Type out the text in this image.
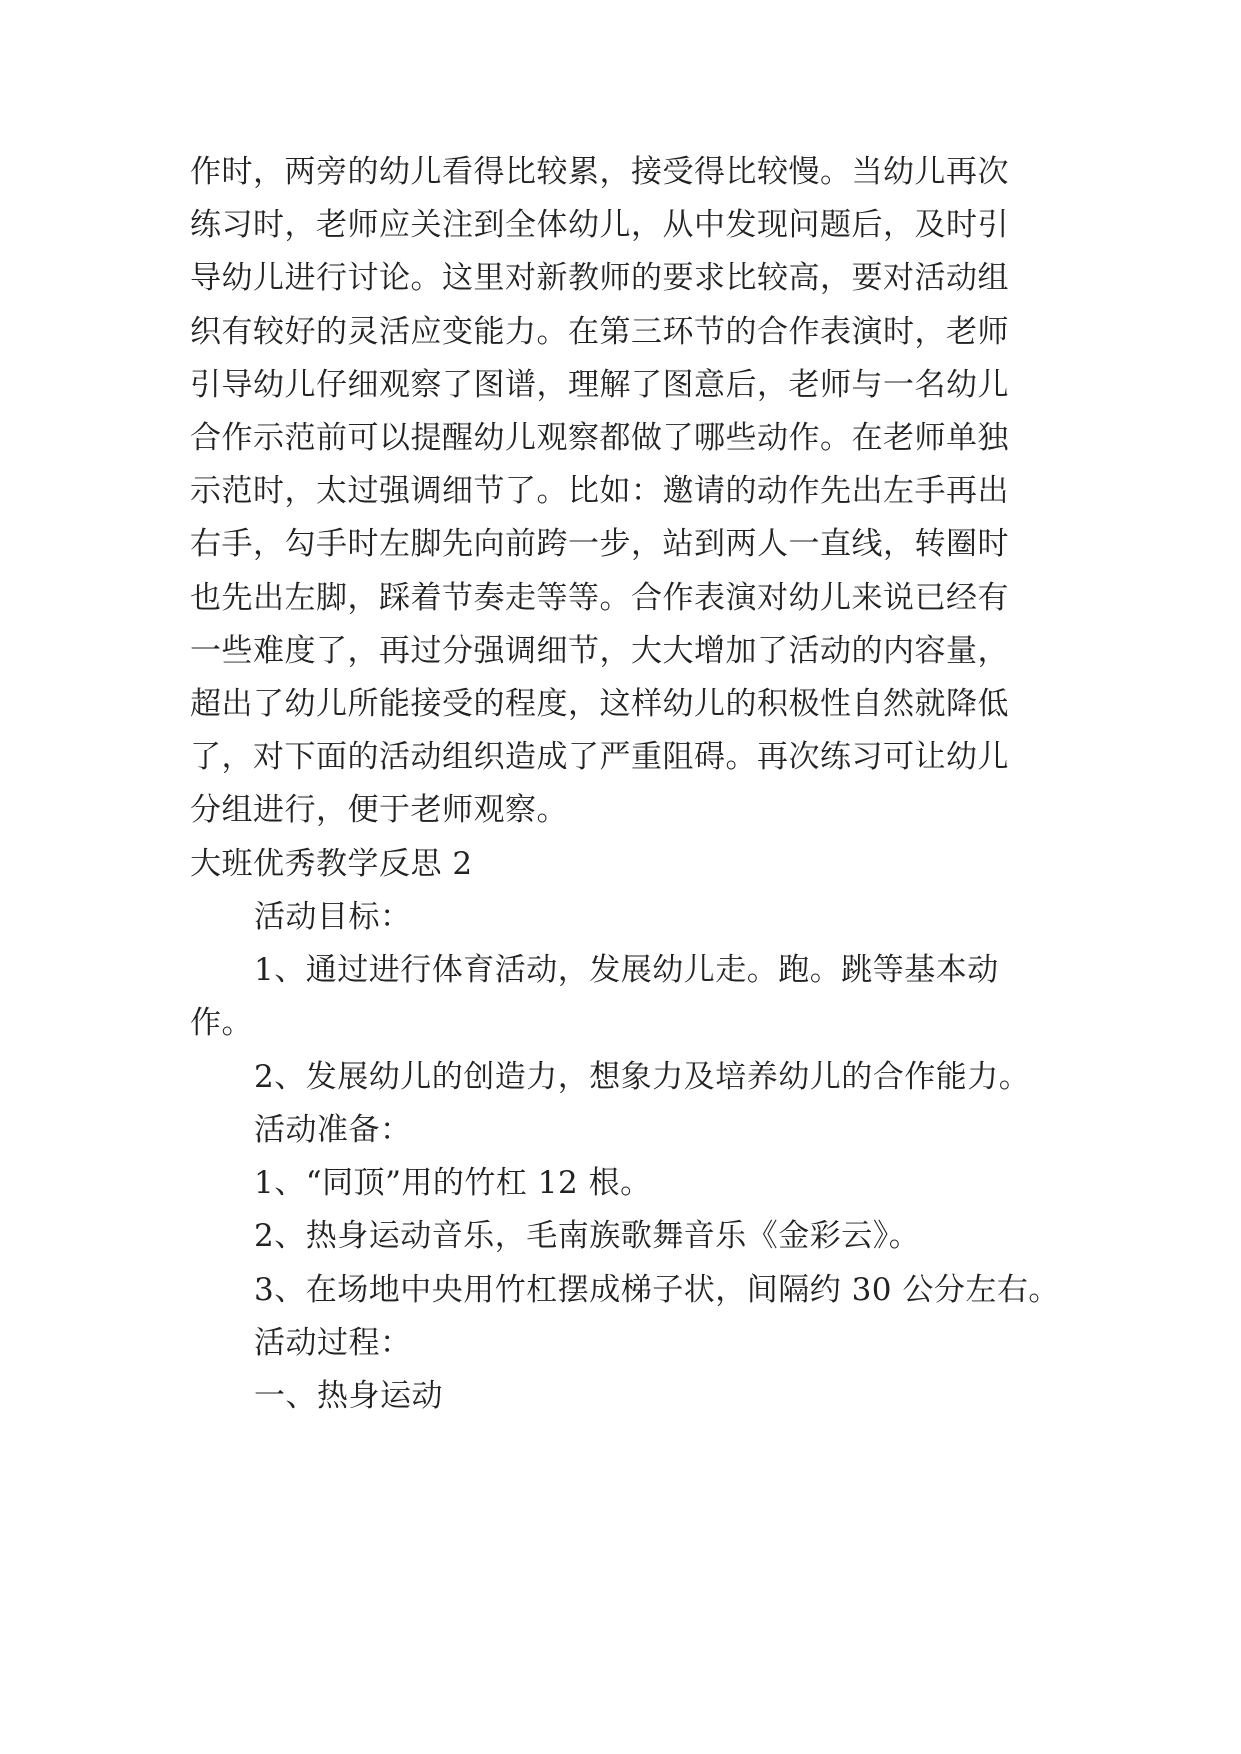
作时，两旁的幼儿看得比较累，接受得比较慢。当幼儿再次
练习时，老师应关注到全体幼儿，从中发现问题后，及时引
导幼儿进行讨论。这里对新教师的要求比较高，要对活动组
织有较好的灵活应变能力。在第三环节的合作表演时，老师
引导幼儿仔细观察了图谱，理解了图意后，老师与一名幼儿
合作示范前可以提醒幼儿观察都做了哪些动作。在老师单独
示范时，太过强调细节了。比如：邀请的动作先出左手再出
右手，勾手时左脚先向前跨一步，站到两人一直线，转圈时
也先出左脚，踩着节奏走等等。合作表演对幼儿来说已经有
一些难度了，再过分强调细节，大大增加了活动的内容量，
超出了幼儿所能接受的程度，这样幼儿的积极性自然就降低
了，对下面的活动组织造成了严重阻碍。再次练习可让幼儿
分组进行，便于老师观察。
大班优秀教学反思 2
活动目标：
1、通过进行体育活动，发展幼儿走。跑。跳等基本动
作。
2、发展幼儿的创造力，想象力及培养幼儿的合作能力。
活动准备：
1、“同顶”用的竹杠 12 根。
2、热身运动音乐，毛南族歌舞音乐《金彩云》。
3、在场地中央用竹杠摆成梯子状，间隔约 30 公分左右。
活动过程：
一、热身运动
